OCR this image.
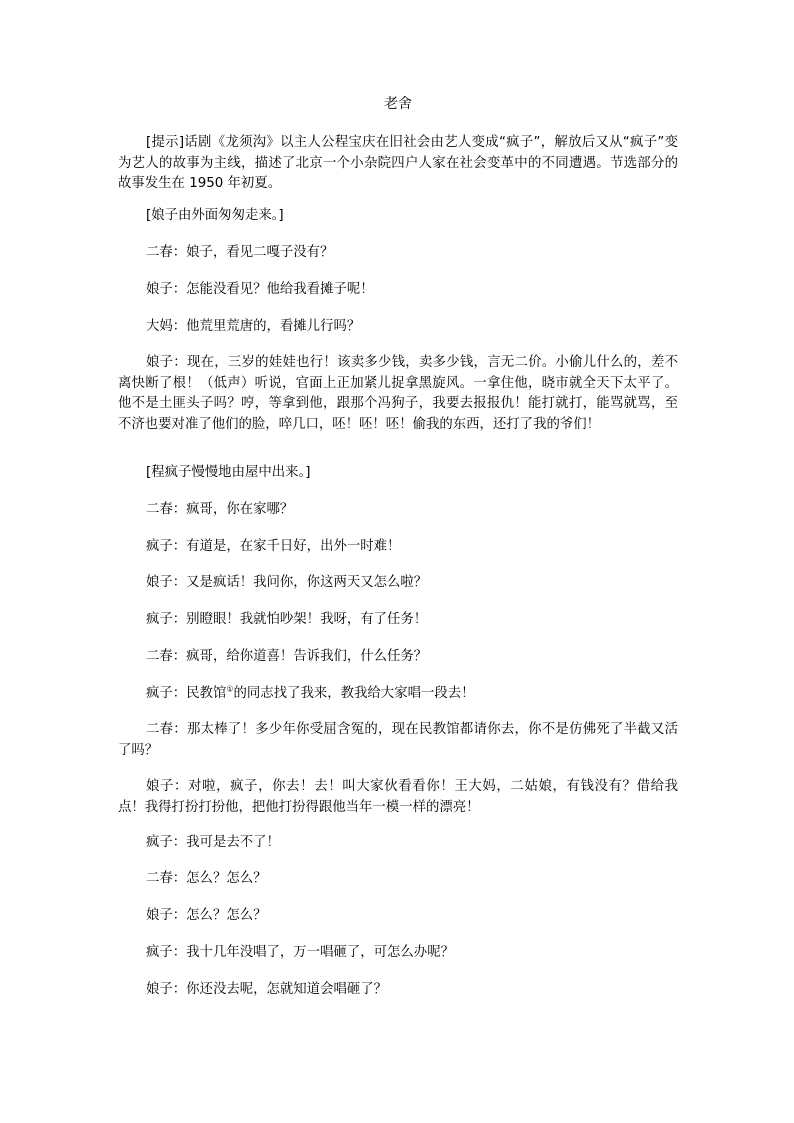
老舍

[提示]话剧《龙须沟》以主人公程宝庆在旧社会由艺人变成“疯子”，解放后又从“疯子”变为艺人的故事为主线，描述了北京一个小杂院四户人家在社会变革中的不同遭遇。节选部分的故事发生在 1950 年初夏。

[娘子由外面匆匆走来。]

二春：娘子，看见二嘎子没有？

娘子：怎能没看见？他给我看摊子呢！

大妈：他荒里荒唐的，看摊儿行吗？

娘子：现在，三岁的娃娃也行！该卖多少钱，卖多少钱，言无二价。小偷儿什么的，差不离快断了根！（低声）听说，官面上正加紧儿捉拿黑旋风。一拿住他，晓市就全天下太平了。他不是土匪头子吗？哼，等拿到他，跟那个冯狗子，我要去报报仇！能打就打，能骂就骂，至不济也要对准了他们的脸，啐几口，呸！呸！呸！偷我的东西，还打了我的爷们！

[程疯子慢慢地由屋中出来。]

二春：疯哥，你在家哪？

疯子：有道是，在家千日好，出外一时难！

娘子：又是疯话！我问你，你这两天又怎么啦？

疯子：别瞪眼！我就怕吵架！我呀，有了任务！

二春：疯哥，给你道喜！告诉我们，什么任务？

疯子：民教馆①的同志找了我来，教我给大家唱一段去！

二春：那太棒了！多少年你受屈含冤的，现在民教馆都请你去，你不是仿佛死了半截又活了吗？

娘子：对啦，疯子，你去！去！叫大家伙看看你！王大妈，二姑娘，有钱没有？借给我点！我得打扮打扮他，把他打扮得跟他当年一模一样的漂亮！

疯子：我可是去不了！

二春：怎么？怎么？

娘子：怎么？怎么？

疯子：我十几年没唱了，万一唱砸了，可怎么办呢？

娘子：你还没去呢，怎就知道会唱砸了？
